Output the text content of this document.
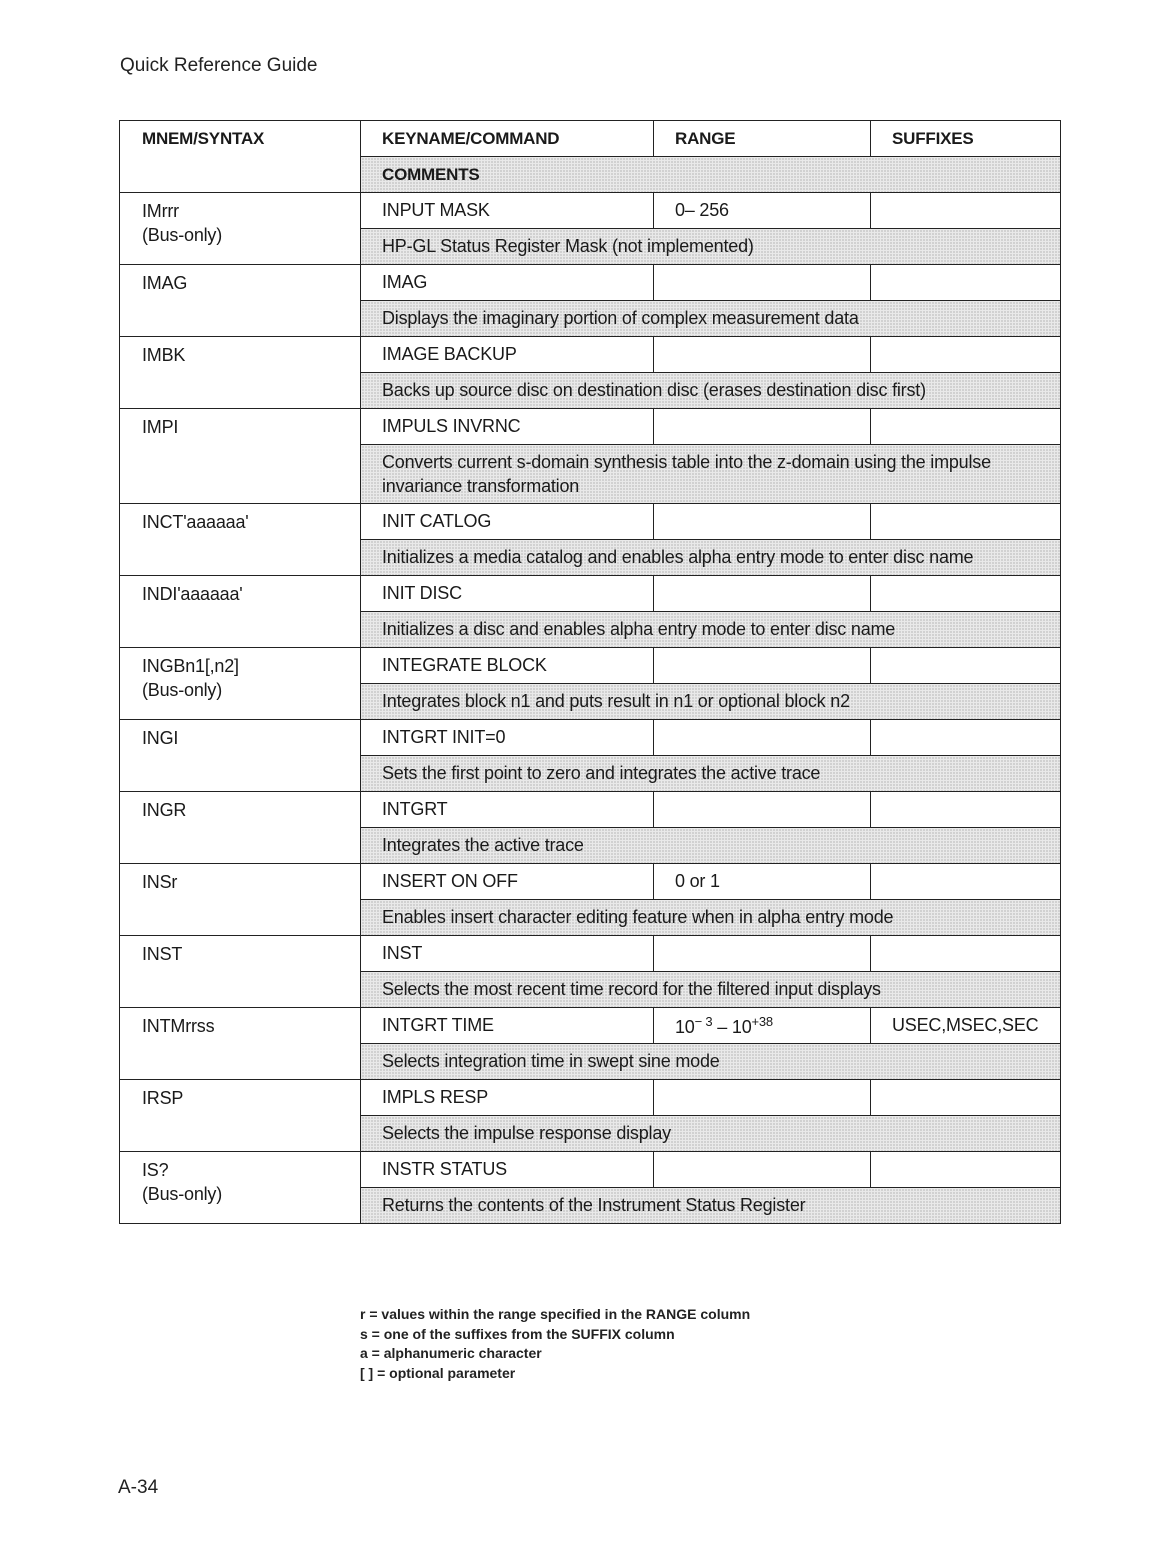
Quick Reference Guide
MNEM/SYNTAX	KEYNAME/COMMAND	RANGE	SUFFIXES
	COMMENTS		

IMrrr
(Bus-only)	INPUT MASK	0– 256	
	HP-GL Status Register Mask (not implemented)		

IMAG	IMAG		
	Displays the imaginary portion of complex measurement data		

IMBK	IMAGE BACKUP		
	Backs up source disc on destination disc (erases destination disc first)		

IMPI	IMPULS INVRNC		

	Converts current s-domain synthesis table into the z-domain using the impulse invariance transformation		

INCT'aaaaaa'	INIT CATLOG		
	Initializes a media catalog and enables alpha entry mode to enter disc name		

INDI'aaaaaa'	INIT DISC		
	Initializes a disc and enables alpha entry mode to enter disc name		

INGBn1[,n2]
(Bus-only)	INTEGRATE BLOCK		
	Integrates block n1 and puts result in n1 or optional block n2		

INGI	INTGRT INIT=0		
	Sets the first point to zero and integrates the active trace		

INGR	INTGRT		
	Integrates the active trace		

INSr	INSERT ON OFF	0 or 1	
	Enables insert character editing feature when in alpha entry mode		

INST	INST		
	Selects the most recent time record for the filtered input displays		

INTMrrss	INTGRT TIME	$10^{- 3} - 10^{+38}$	USEC,MSEC,SEC
	Selects integration time in swept sine mode		

IRSP	IMPLS RESP		
	Selects the impulse response display		

IS?
(Bus-only)	INSTR STATUS		
	Returns the contents of the Instrument Status Register		
r = values within the range specified in the RANGE column
s = one of the suffixes from the SUFFIX column
a = alphanumeric character
[ ] = optional parameter
A-34
